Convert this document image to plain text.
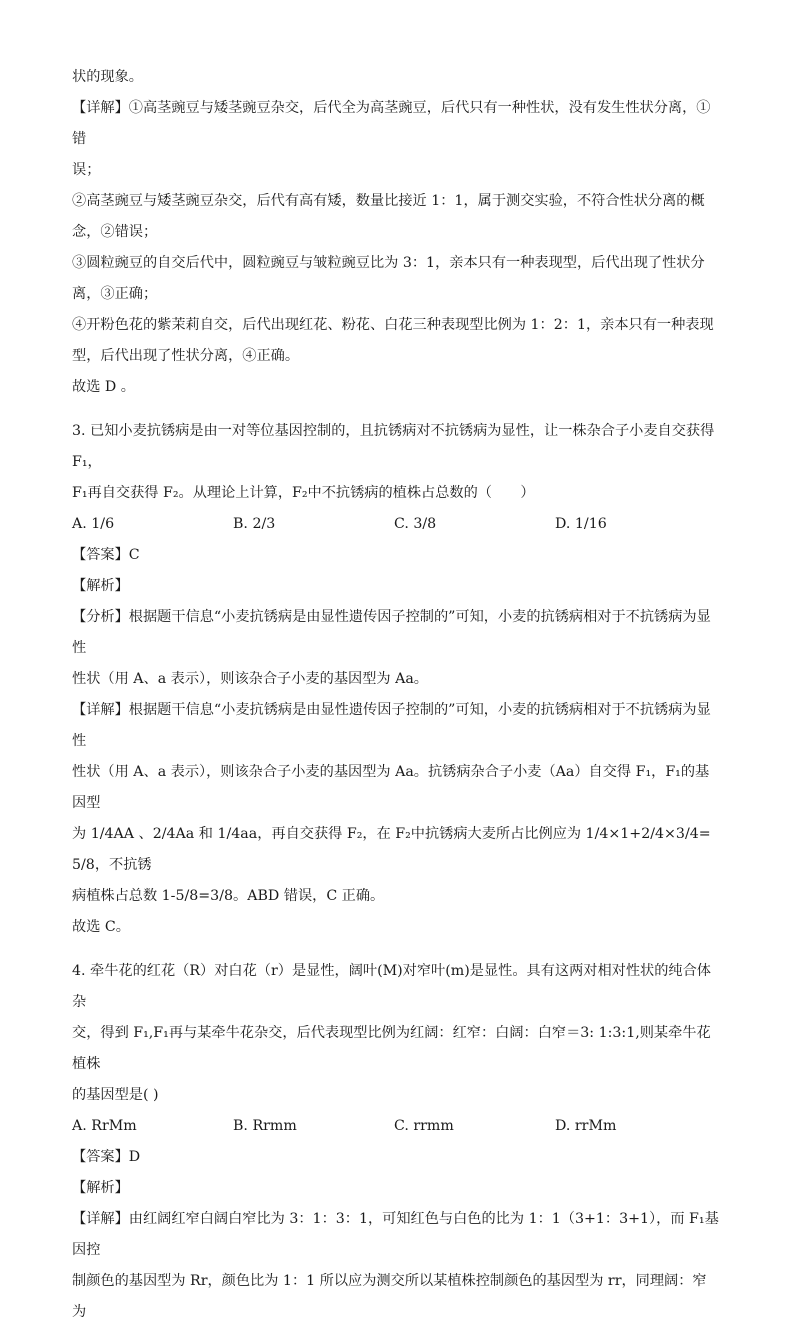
状的现象。
【详解】①高茎豌豆与矮茎豌豆杂交，后代全为高茎豌豆，后代只有一种性状，没有发生性状分离，①错
误；
②高茎豌豆与矮茎豌豆杂交，后代有高有矮，数量比接近 1：1，属于测交实验，不符合性状分离的概
念，②错误；
③圆粒豌豆的自交后代中，圆粒豌豆与皱粒豌豆比为 3：1，亲本只有一种表现型，后代出现了性状分
离，③正确；
④开粉色花的紫茉莉自交，后代出现红花、粉花、白花三种表现型比例为 1：2：1，亲本只有一种表现
型，后代出现了性状分离，④正确。
故选 D 。
3. 已知小麦抗锈病是由一对等位基因控制的，且抗锈病对不抗锈病为显性，让一株杂合子小麦自交获得 F₁，
F₁再自交获得 F₂。从理论上计算，F₂中不抗锈病的植株占总数的（　　）
A. 1/6	B. 2/3	C. 3/8	D. 1/16
【答案】C
【解析】
【分析】根据题干信息“小麦抗锈病是由显性遗传因子控制的”可知，小麦的抗锈病相对于不抗锈病为显性
性状（用 A、a 表示），则该杂合子小麦的基因型为 Aa。
【详解】根据题干信息“小麦抗锈病是由显性遗传因子控制的”可知，小麦的抗锈病相对于不抗锈病为显性
性状（用 A、a 表示），则该杂合子小麦的基因型为 Aa。抗锈病杂合子小麦（Aa）自交得 F₁，F₁的基因型
为 1/4AA 、2/4Aa 和 1/4aa，再自交获得 F₂，在 F₂中抗锈病大麦所占比例应为 1/4×1+2/4×3/4=5/8，不抗锈
病植株占总数 1-5/8=3/8。ABD 错误，C 正确。
故选 C。
4. 牵牛花的红花（R）对白花（r）是显性，阔叶(M)对窄叶(m)是显性。具有这两对相对性状的纯合体杂
交，得到 F₁,F₁再与某牵牛花杂交，后代表现型比例为红阔：红窄：白阔：白窄＝3: 1:3:1,则某牵牛花植株
的基因型是( )
A. RrMm	B. Rrmm	C. rrmm	D. rrMm
【答案】D
【解析】
【详解】由红阔红窄白阔白窄比为 3：1：3：1，可知红色与白色的比为 1：1（3+1：3+1），而 F₁基因控
制颜色的基因型为 Rr，颜色比为 1：1 所以应为测交所以某植株控制颜色的基因型为 rr，同理阔：窄为
